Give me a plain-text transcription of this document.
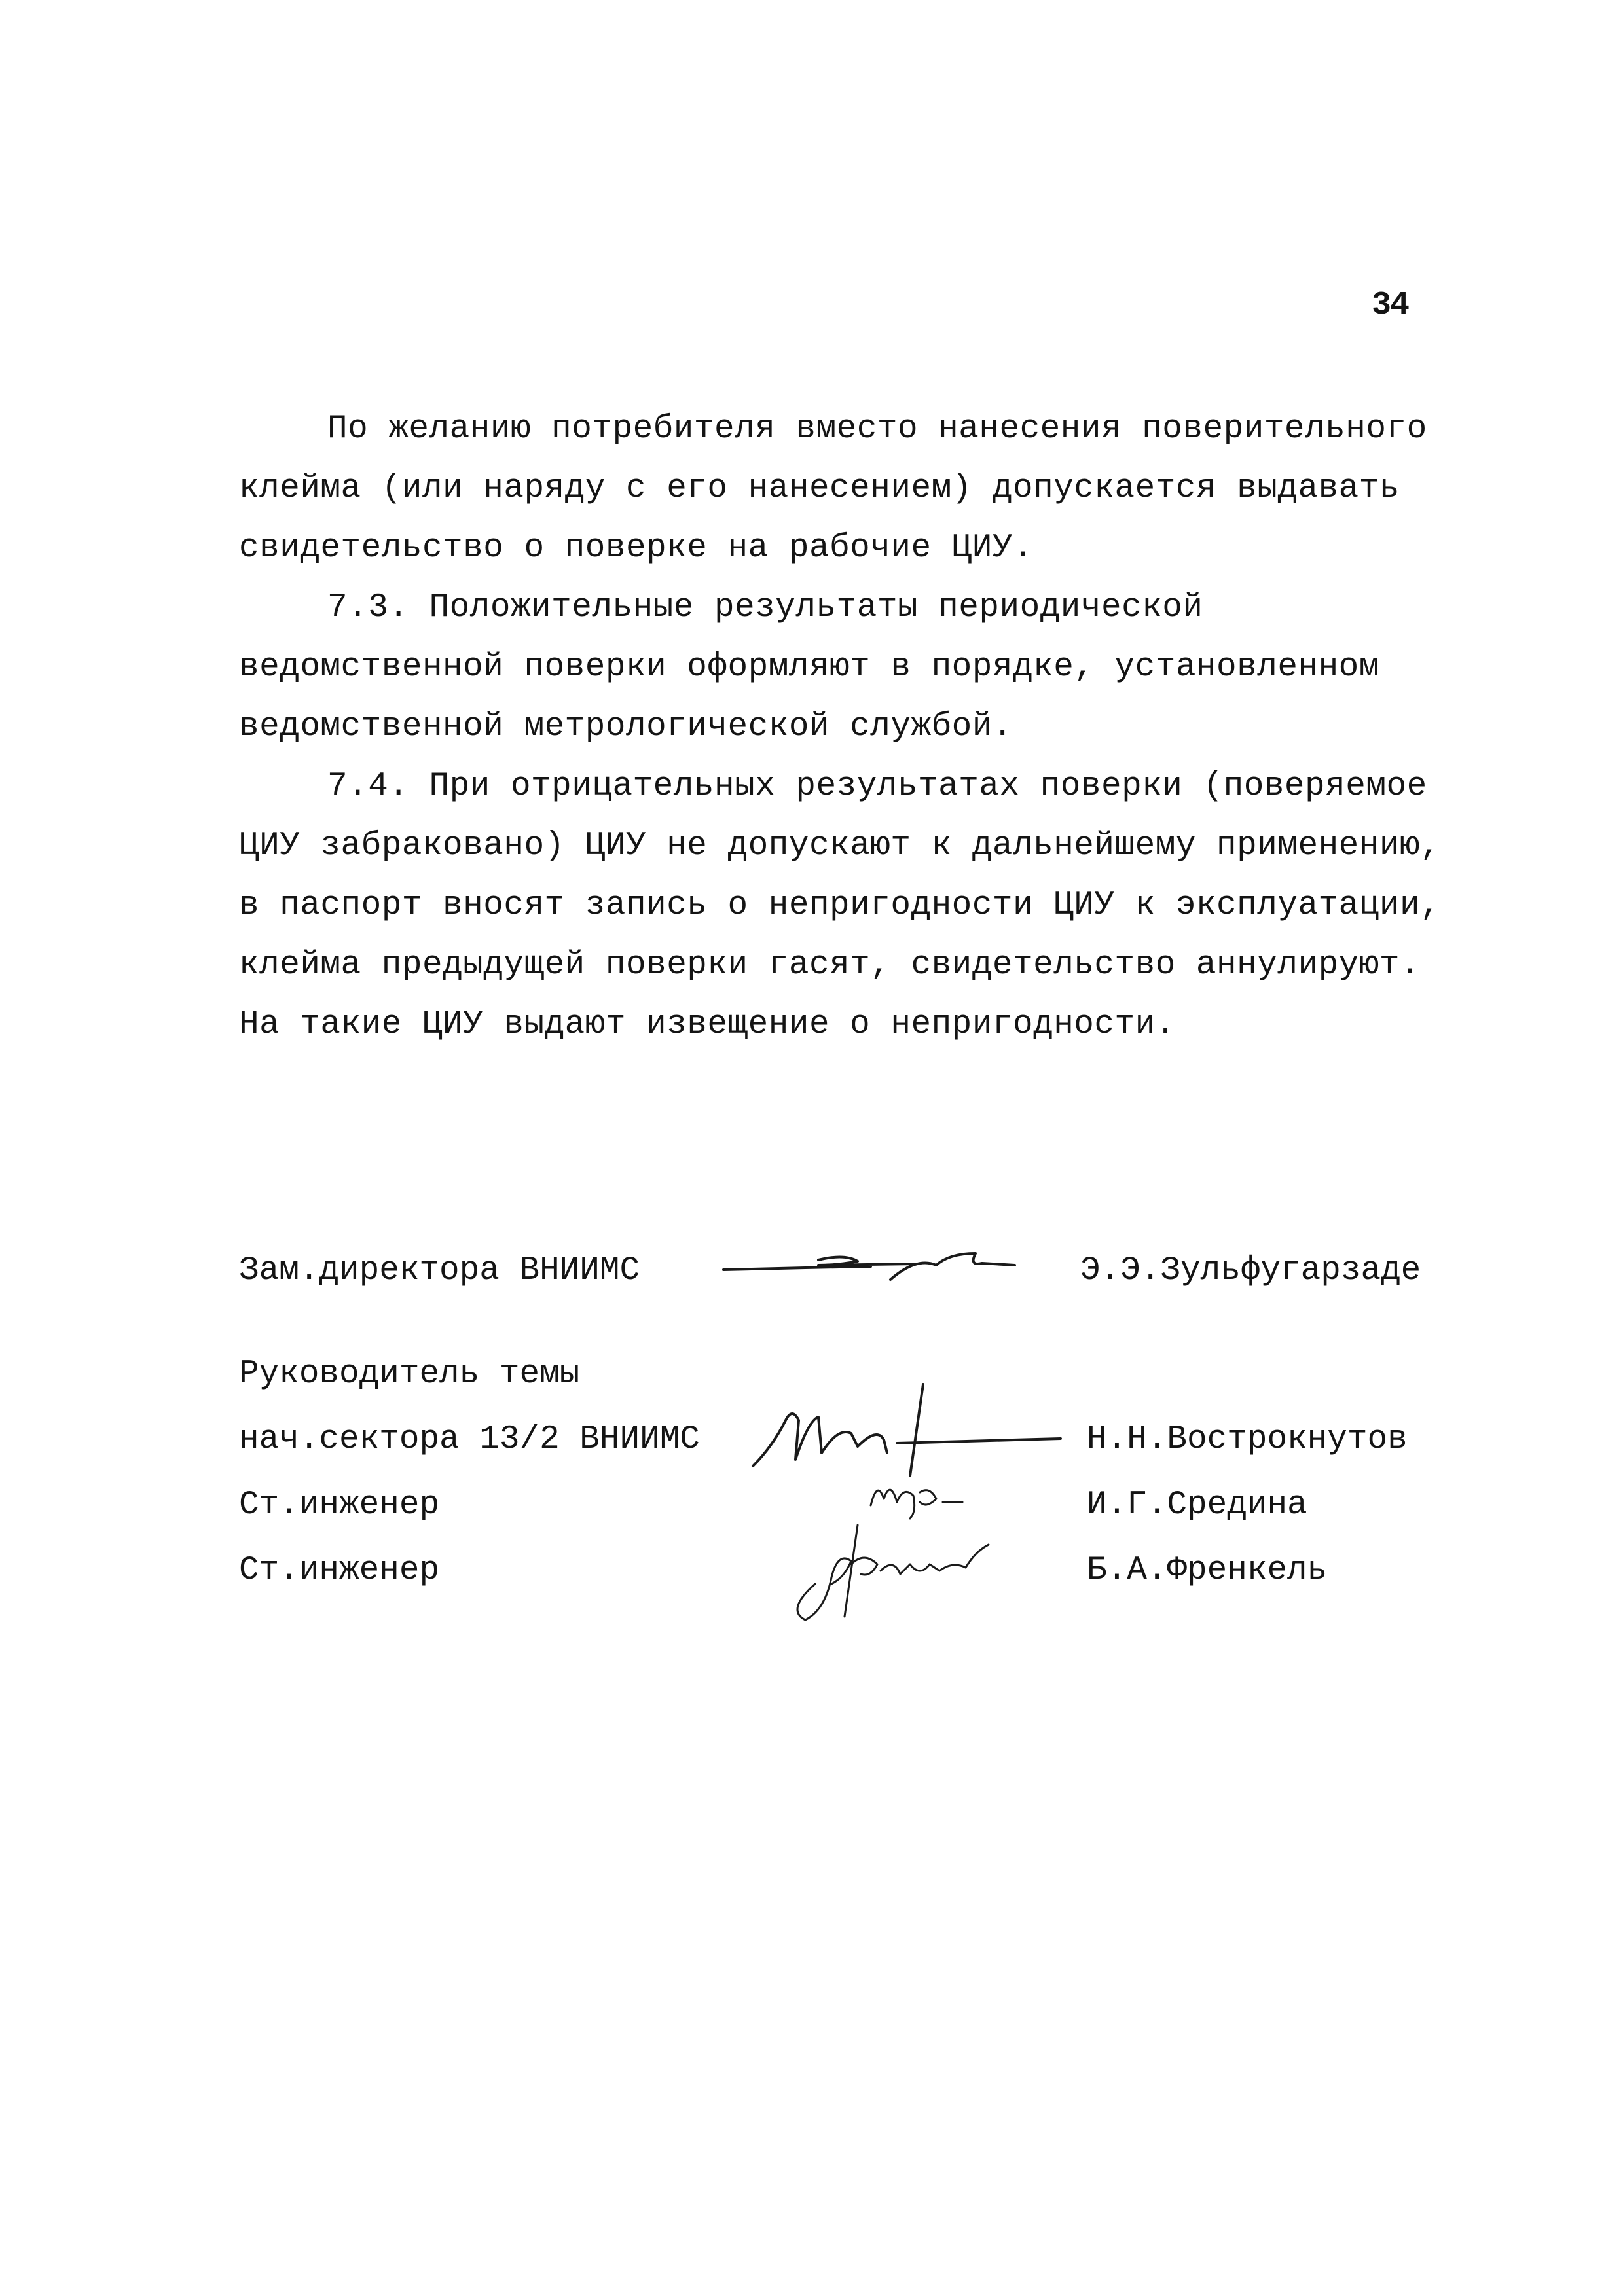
34

По желанию потребителя вместо нанесения поверительного клейма (или наряду с его нанесением) допускается выдавать свидетельство о поверке на рабочие ЦИУ.

7.3. Положительные результаты периодической ведомственной поверки оформляют в порядке, установленном ведомственной метрологической службой.

7.4. При отрицательных результатах поверки (поверяемое ЦИУ забраковано) ЦИУ не допускают к дальнейшему применению, в паспорт вносят запись о непригодности ЦИУ к эксплуатации, клейма предыдущей поверки гасят, свидетельство аннулируют. На такие ЦИУ выдают извещение о непригодности.

Зам.директора ВНИИМС	Э.Э.Зульфугарзаде
Руководитель темы
нач.сектора 13/2 ВНИИМС	Н.Н.Вострокнутов
Ст.инженер	И.Г.Средина
Ст.инженер	Б.А.Френкель
